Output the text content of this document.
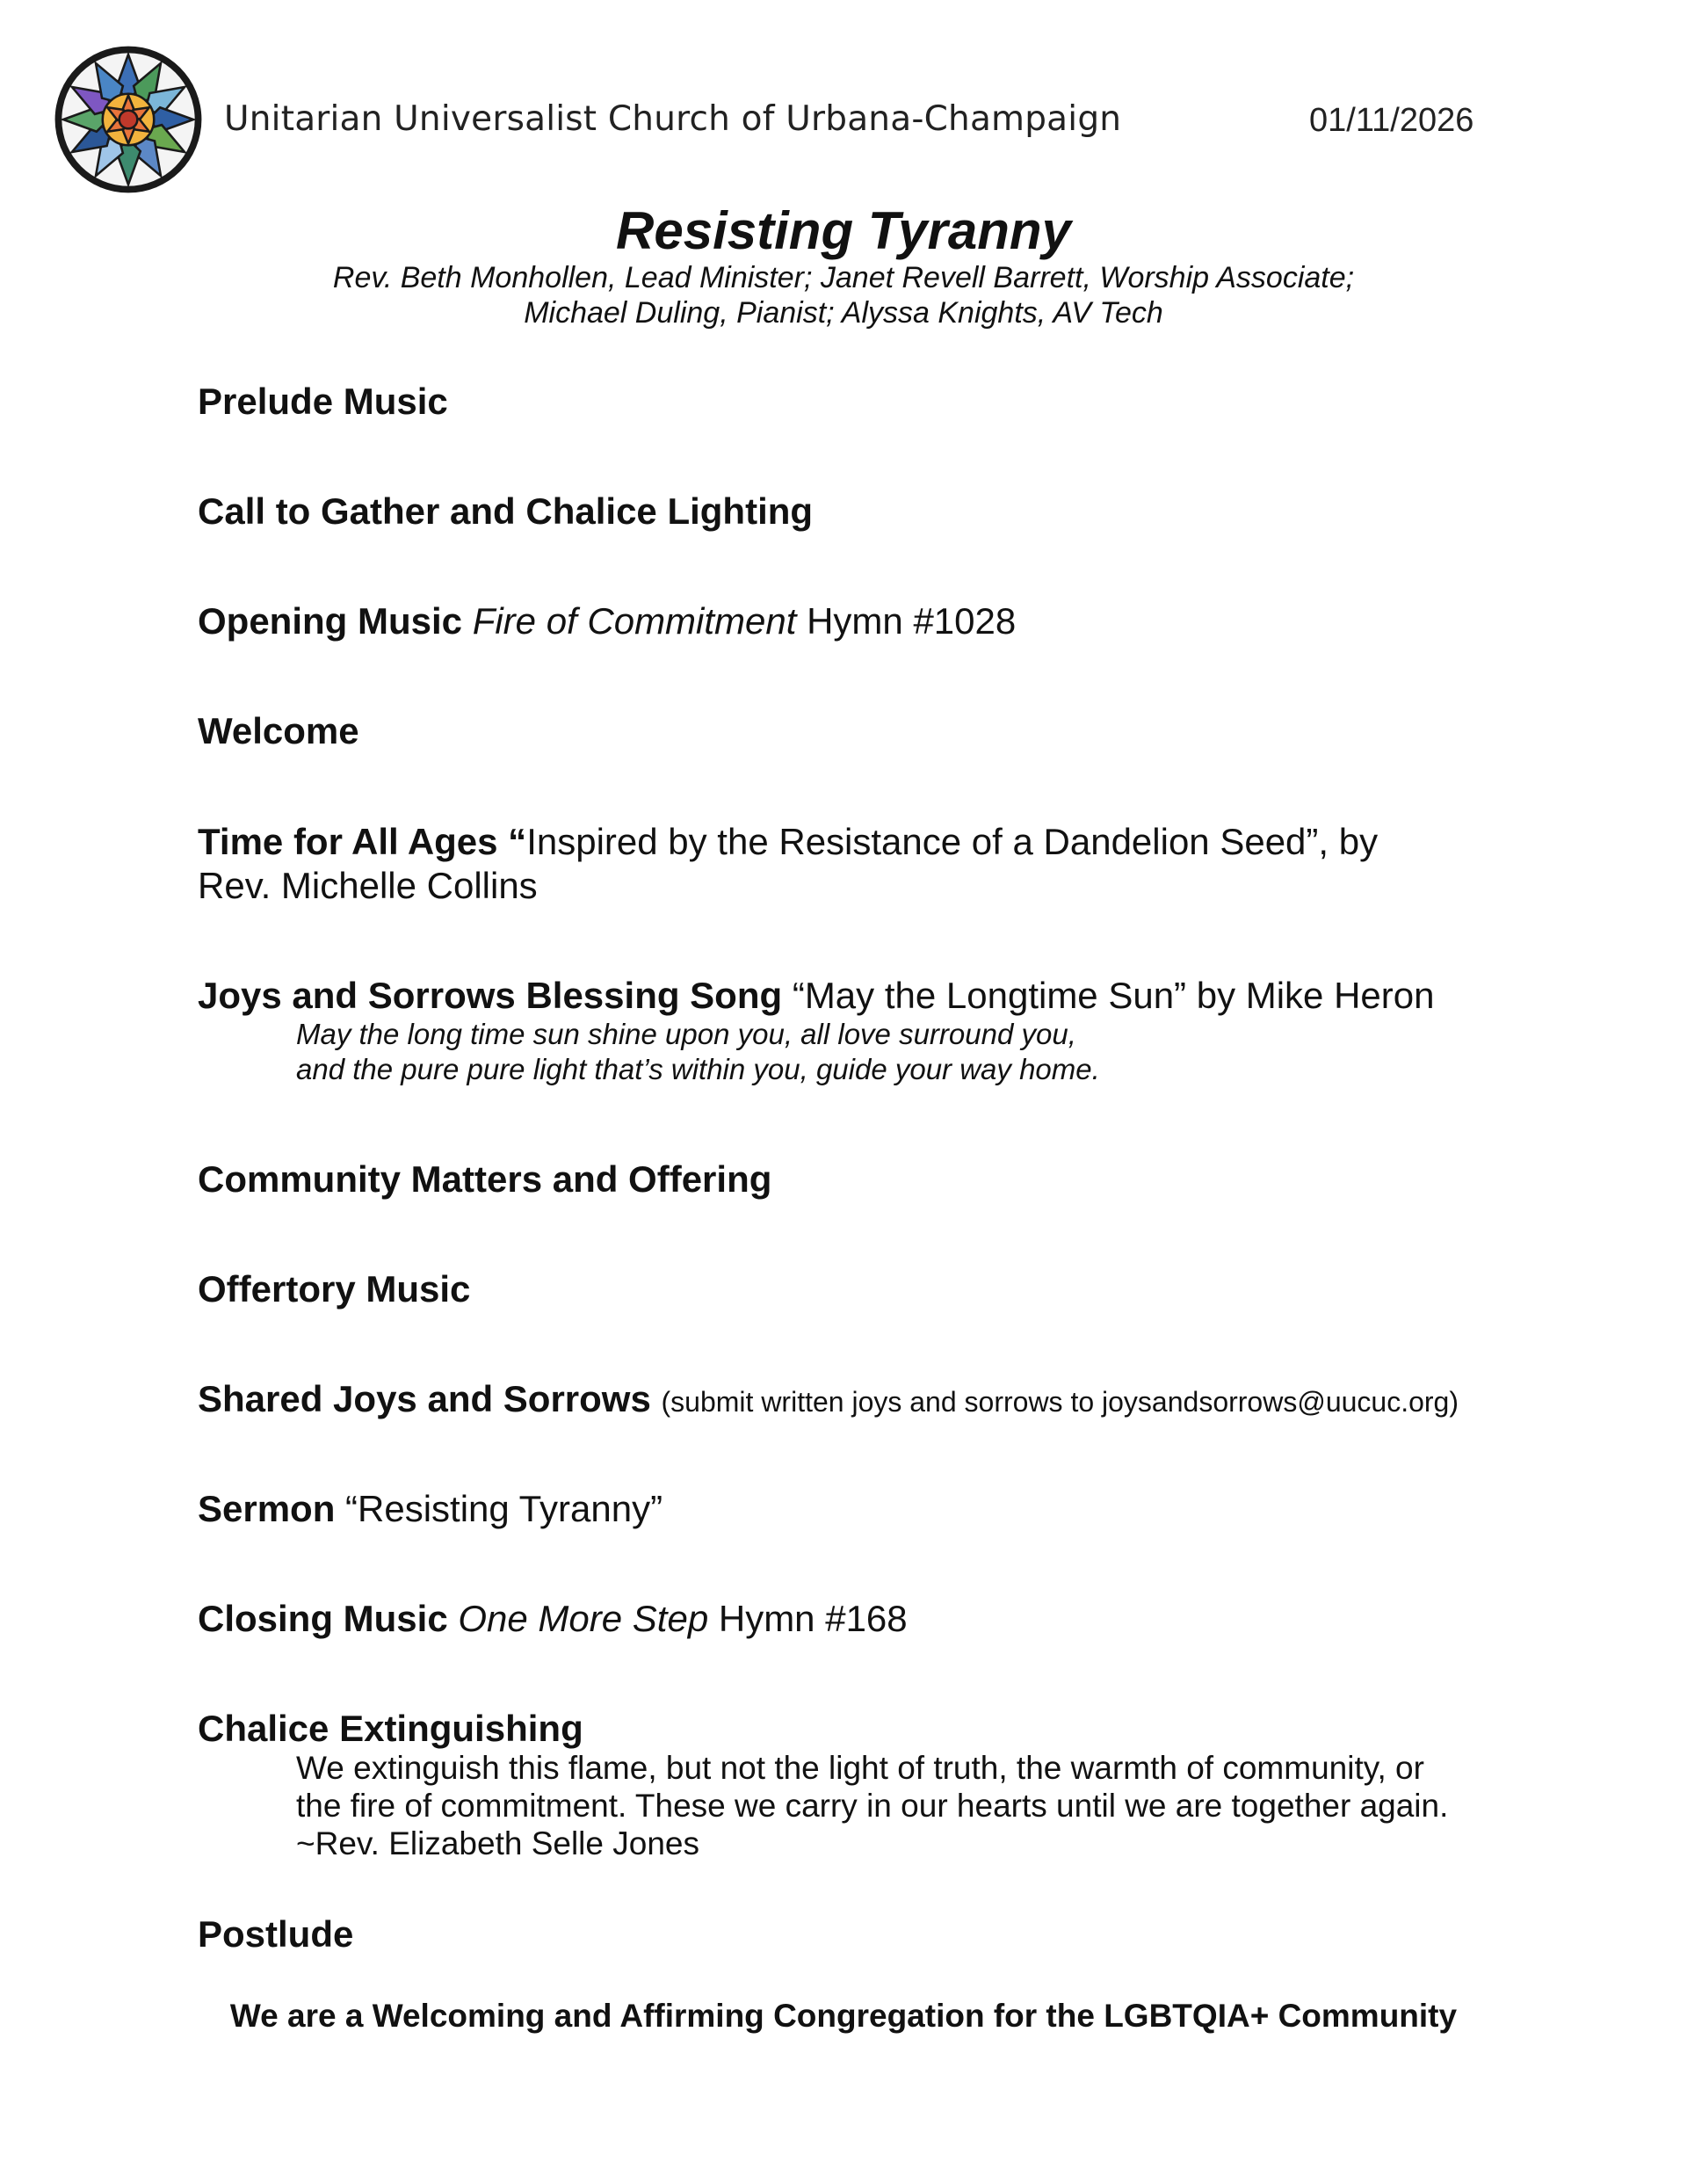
Unitarian Universalist Church of Urbana-Champaign	01/11/2026
Resisting Tyranny
Rev. Beth Monhollen, Lead Minister; Janet Revell Barrett, Worship Associate;
Michael Duling, Pianist; Alyssa Knights, AV Tech
Prelude Music
Call to Gather and Chalice Lighting
Opening Music Fire of Commitment Hymn #1028
Welcome
Time for All Ages “Inspired by the Resistance of a Dandelion Seed”, by
Rev. Michelle Collins
Joys and Sorrows Blessing Song “May the Longtime Sun” by Mike Heron
May the long time sun shine upon you, all love surround you,
and the pure pure light that’s within you, guide your way home.
Community Matters and Offering
Offertory Music
Shared Joys and Sorrows (submit written joys and sorrows to joysandsorrows@uucuc.org)
Sermon “Resisting Tyranny”
Closing Music One More Step Hymn #168
Chalice Extinguishing
We extinguish this flame, but not the light of truth, the warmth of community, or
the fire of commitment. These we carry in our hearts until we are together again.
~Rev. Elizabeth Selle Jones
Postlude
We are a Welcoming and Affirming Congregation for the LGBTQIA+ Community
